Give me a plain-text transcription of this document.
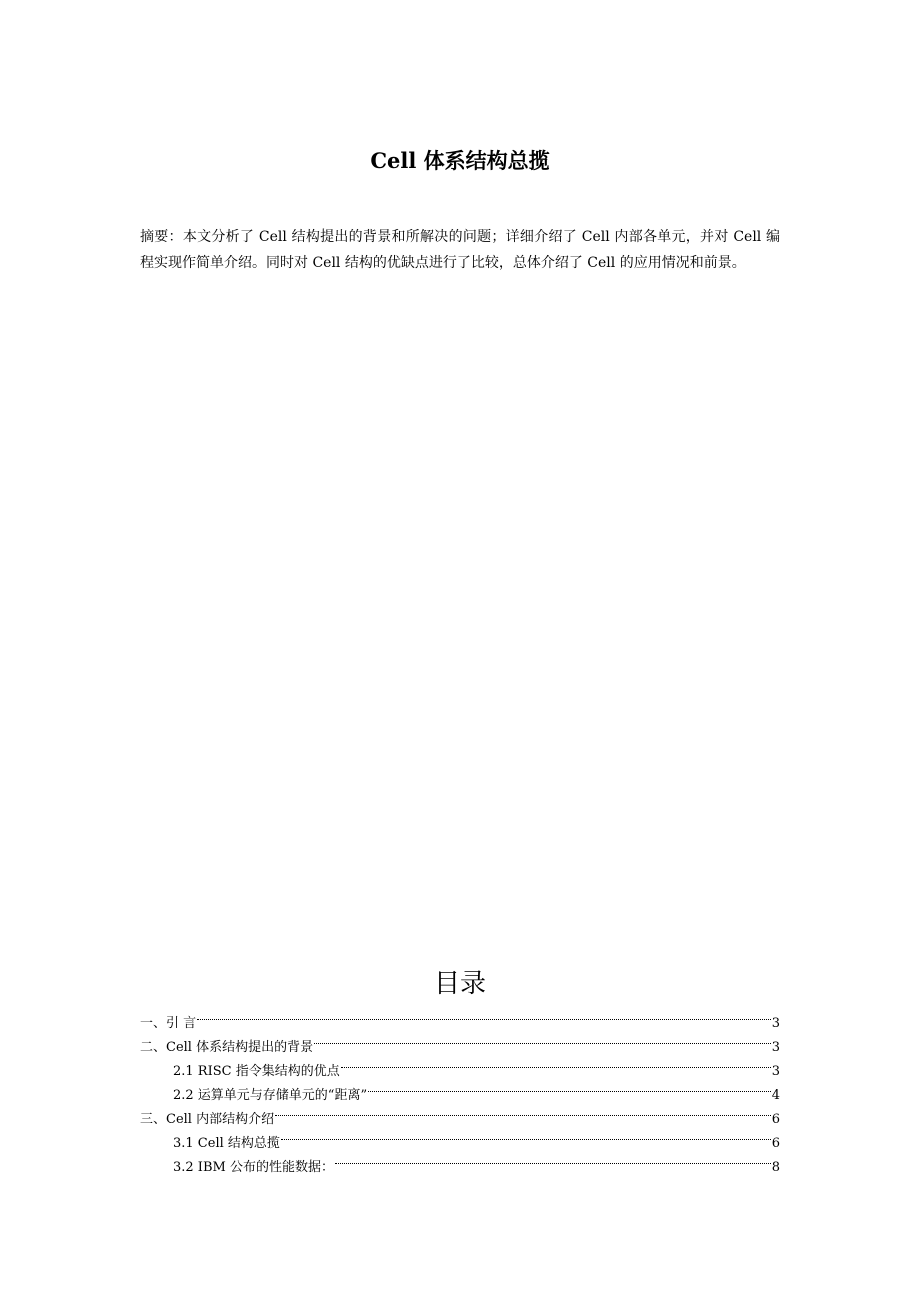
Cell 体系结构总揽
摘要：本文分析了 Cell 结构提出的背景和所解决的问题；详细介绍了 Cell 内部各单元，并对 Cell 编程实现作简单介绍。同时对 Cell 结构的优缺点进行了比较，总体介绍了 Cell 的应用情况和前景。
目录
一、引 言	3
二、Cell 体系结构提出的背景	3
2.1 RISC 指令集结构的优点	3
2.2 运算单元与存储单元的“距离”	4
三、Cell 内部结构介绍	6
3.1 Cell 结构总揽	6
3.2 IBM 公布的性能数据：	8
